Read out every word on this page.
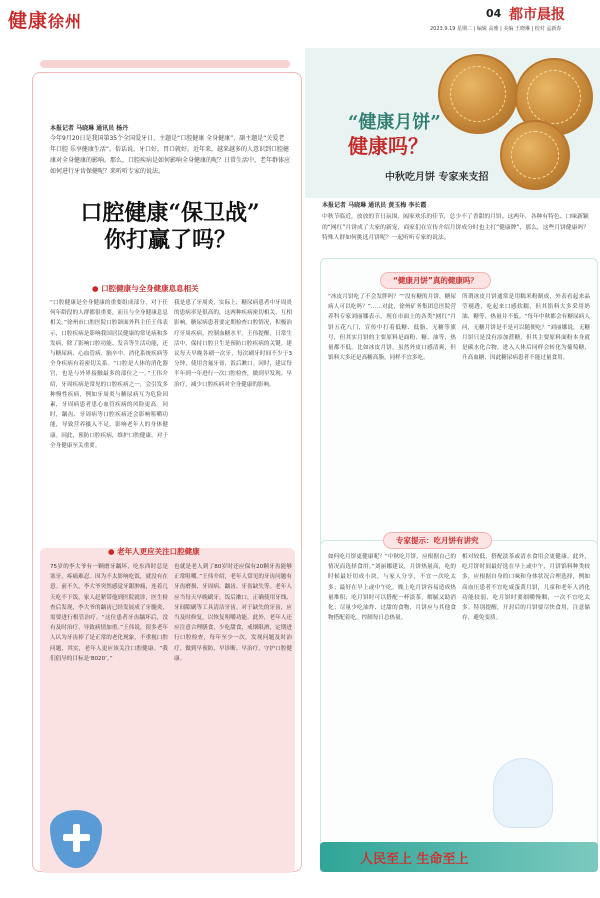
健康徐州	04 都市晨报
2023.9.19 星期二 | 编辑 高雅 | 美编 王晓琳 | 校对 孟新春
本报记者 马晓琳 通讯员 杨丹
今年9月20日是我国第35个全国爱牙日，主题是“口腔健康 全身健康”，副主题是“关爱老年口腔 乐享健康生活”。俗话说，牙口好，胃口就好。近年来，越来越多的人意识到口腔健康对全身健康的影响。那么，口腔疾病是如何影响全身健康的呢？日常生活中，老年群体应如何进行牙齿保健呢？来听听专家的说法。
口腔健康“保卫战”
你打赢了吗？
● 口腔健康与全身健康息息相关
“口腔健康是全身健康的重要组成部分，对于任何年龄段的人群都很重要，而且与全身健康息息相关。”徐州市口腔医院口腔颌面外科主任王伟表示，口腔疾病是影响我国居民健康的常见病和多发病，除了影响口腔功能、发音等生活功能，还与糖尿病、心血管病、脑卒中、消化系统疾病等全身疾病有着密切关系。“口腔是人体的消化器官，也是与外界接触最多的部位之一。”王伟介绍，牙周疾病是常见的口腔疾病之一，会引发多种慢性疾病，例如牙周炎与糖尿病互为危险因素，牙周病患者患心血管疾病的风险更高。同时，龋齿、牙周病等口腔疾病还会影响咀嚼功能，导致营养摄入不足，影响老年人的身体健康。因此，预防口腔疾病，维护口腔健康，对于全身健康至关重要。
我是患了牙周炎，实际上，糖尿病患者中牙周炎的患病率是很高的，这两种疾病密切相关、互相影响。糖尿病患者要定期检查口腔情况，积极治疗牙周疾病，控制血糖水平。王伟提醒，日常生活中，保持口腔卫生是预防口腔疾病的关键。建议每天早晚各刷一次牙，每次刷牙时间不少于3分钟，使用含氟牙膏，饭后漱口。同时，建议每半年到一年进行一次口腔检查，做到早发现、早治疗，减少口腔疾病对全身健康的影响。
● 老年人更应关注口腔健康
75岁的李大爷有一颗磨牙龋坏，吃东西时总是塞牙，疼痛难忍。因为不太影响吃饭，就没有在意。前不久，李大爷突然感觉牙龈肿痛，连着几天吃不下饭，家人赶紧带他到医院就诊，医生检查后发现，李大爷的龋齿已经发展成了牙髓炎，需要进行根管治疗。“这位患者牙齿龋坏后，没有及时治疗，导致病情加重。”王伟说，很多老年人认为牙齿掉了是正常的老化现象，不重视口腔问题，其实，老年人更应该关注口腔健康。“我们倡导的目标是‘8020’。”
也就是老人到了80岁时还应保有20颗牙齿能够正常咀嚼。”王伟介绍，老年人常见的牙齿问题有牙齿磨损、牙周病、龋齿、牙齿缺失等。老年人应当每天早晚刷牙，饭后漱口，正确使用牙线、牙间隙刷等工具清洁牙齿。对于缺失的牙齿，应当及时修复，以恢复咀嚼功能。此外，老年人还应注意合理膳食，少吃甜食，戒烟限酒，定期进行口腔检查，每年至少一次，发现问题及时治疗，做到早预防、早诊断、早治疗，守护口腔健康。
“健康月饼”
健康吗？
中秋吃月饼 专家来支招
本报记者 马晓琳 通讯员 黄玉梅 李长霞
中秋节临近，放放的节日氛围，阖家欢乐的佳节，总少不了香甜的月饼。这两年，各种有特色、口味新颖的“网红”月饼成了大家的新宠，商家们在宣传介绍月饼成分时也主打“健康牌”，那么，这些月饼健康吗？特殊人群如何挑选月饼呢？一起听听专家的说法。
“健康月饼”真的健康吗？
“冰皮月饼吃了不会发胖吗？”“没有糖的月饼，糖尿病人可以吃吗？”……对此，徐州矿务集团总医院营养科专家刘丽娜表示，现在市面上的各类“网红”月饼五花八门，宣传中打着低糖、低脂、无糖等旗号，但其实月饼的主要原料是面粉、糖、油等，热量都不低。比如冰皮月饼，虽然外皮口感清爽，但馅料大多还是高糖高脂，同样不宜多吃。
所谓冰皮月饼通常是用糯米粉制成，外表看起来晶莹剔透，吃起来口感软糯，但其馅料大多采用奶油、糖等，热量并不低。“每年中秋都会有糖尿病人问，无糖月饼是不是可以随便吃？”刘丽娜说，无糖月饼只是没有添加蔗糖，但其主要原料面粉本身就是碳水化合物，进入人体后同样会转化为葡萄糖，升高血糖，因此糖尿病患者不能过量食用。
专家提示：吃月饼有讲究
如何吃月饼更健康呢？“中秋吃月饼，应根据自己的情况而选择食用。”刘丽娜建议，月饼热量高，吃的时候最好切成小块，与家人分享，不宜一次吃太多；最好在早上或中午吃，晚上吃月饼容易造成热量堆积；吃月饼时可以搭配一杯淡茶，解腻又助消化；尽量少吃油炸、过甜的食物，月饼应与其他食物搭配着吃，控制每日总热量。
相对较低，搭配淡茶或清水食用会更健康。此外，吃月饼时间最好选在早上或中午，月饼馅料种类较多，应根据自身的口味和身体状况合理选择，例如高血压患者不宜吃咸蛋黄月饼，儿童和老年人消化功能较弱，吃月饼时要细嚼慢咽，一次不宜吃太多。特别提醒，开封后的月饼要尽快食用，注意储存，避免变质。
人民至上 生命至上
